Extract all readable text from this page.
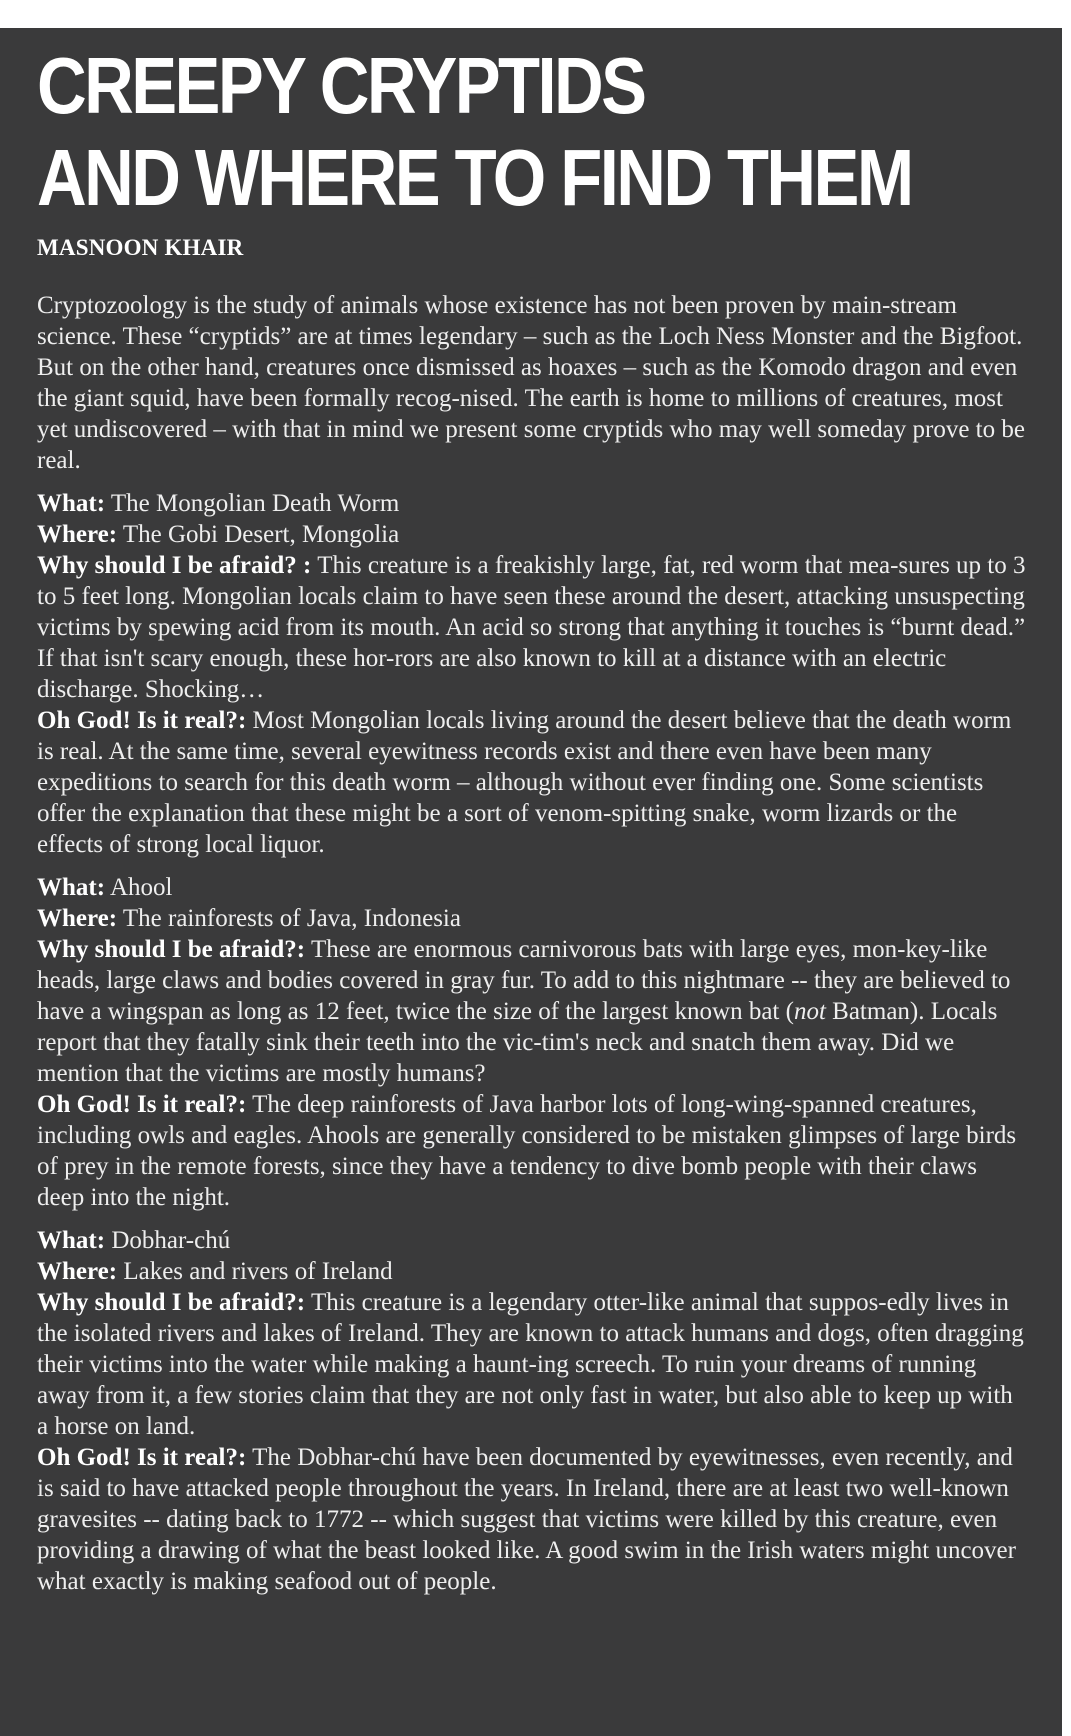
CREEPY CRYPTIDS
AND WHERE TO FIND THEM
MASNOON KHAIR

Cryptozoology is the study of animals whose existence has not been proven by main-stream science. These “cryptids” are at times legendary – such as the Loch Ness Monster and the Bigfoot. But on the other hand, creatures once dismissed as hoaxes – such as the Komodo dragon and even the giant squid, have been formally recog-nised. The earth is home to millions of creatures, most yet undiscovered – with that in mind we present some cryptids who may well someday prove to be real.

What: The Mongolian Death Worm

Where: The Gobi Desert, Mongolia

Why should I be afraid? : This creature is a freakishly large, fat, red worm that mea-sures up to 3 to 5 feet long. Mongolian locals claim to have seen these around the desert, attacking unsuspecting victims by spewing acid from its mouth. An acid so strong that anything it touches is “burnt dead.” If that isn't scary enough, these hor-rors are also known to kill at a distance with an electric discharge. Shocking…

Oh God! Is it real?: Most Mongolian locals living around the desert believe that the death worm is real. At the same time, several eyewitness records exist and there even have been many expeditions to search for this death worm – although without ever finding one. Some scientists offer the explanation that these might be a sort of venom-spitting snake, worm lizards or the effects of strong local liquor.

What: Ahool

Where: The rainforests of Java, Indonesia

Why should I be afraid?: These are enormous carnivorous bats with large eyes, mon-key-like heads, large claws and bodies covered in gray fur. To add to this nightmare -- they are believed to have a wingspan as long as 12 feet, twice the size of the largest known bat (not Batman). Locals report that they fatally sink their teeth into the vic-tim's neck and snatch them away. Did we mention that the victims are mostly humans?

Oh God! Is it real?: The deep rainforests of Java harbor lots of long-wing-spanned creatures, including owls and eagles. Ahools are generally considered to be mistaken glimpses of large birds of prey in the remote forests, since they have a tendency to dive bomb people with their claws deep into the night.

What: Dobhar-chú

Where: Lakes and rivers of Ireland

Why should I be afraid?: This creature is a legendary otter-like animal that suppos-edly lives in the isolated rivers and lakes of Ireland. They are known to attack humans and dogs, often dragging their victims into the water while making a haunt-ing screech. To ruin your dreams of running away from it, a few stories claim that they are not only fast in water, but also able to keep up with a horse on land.

Oh God! Is it real?: The Dobhar-chú have been documented by eyewitnesses, even recently, and is said to have attacked people throughout the years. In Ireland, there are at least two well-known gravesites -- dating back to 1772 -- which suggest that victims were killed by this creature, even providing a drawing of what the beast looked like. A good swim in the Irish waters might uncover what exactly is making seafood out of people.
